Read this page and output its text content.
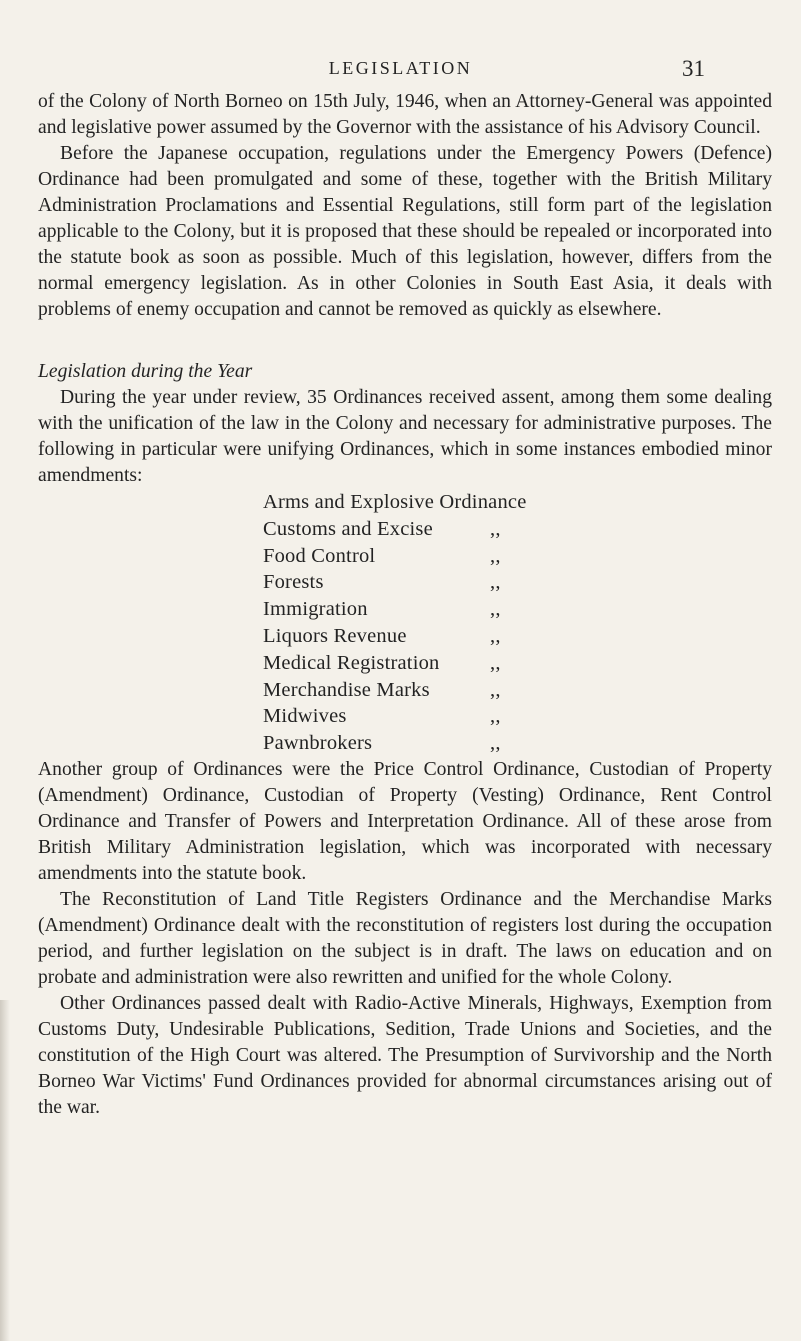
LEGISLATION	31

of the Colony of North Borneo on 15th July, 1946, when an Attorney-General was appointed and legislative power assumed by the Governor with the assistance of his Advisory Council.

Before the Japanese occupation, regulations under the Emergency Powers (Defence) Ordinance had been promulgated and some of these, together with the British Military Administration Proclamations and Essential Regulations, still form part of the legislation applicable to the Colony, but it is proposed that these should be repealed or incorporated into the statute book as soon as possible. Much of this legislation, however, differs from the normal emergency legislation. As in other Colonies in South East Asia, it deals with problems of enemy occupation and cannot be removed as quickly as elsewhere.

Legislation during the Year

During the year under review, 35 Ordinances received assent, among them some dealing with the unification of the law in the Colony and necessary for administrative purposes. The following in particular were unifying Ordinances, which in some instances embodied minor amendments:

Arms and Explosive Ordinance
Customs and Excise	,,
Food Control	,,
Forests	,,
Immigration	,,
Liquors Revenue	,,
Medical Registration ,,
Merchandise Marks	,,
Midwives	,,
Pawnbrokers	,,

Another group of Ordinances were the Price Control Ordinance, Custodian of Property (Amendment) Ordinance, Custodian of Property (Vesting) Ordinance, Rent Control Ordinance and Transfer of Powers and Interpretation Ordinance. All of these arose from British Military Administration legislation, which was incorporated with necessary amendments into the statute book.

The Reconstitution of Land Title Registers Ordinance and the Merchandise Marks (Amendment) Ordinance dealt with the reconstitution of registers lost during the occupation period, and further legislation on the subject is in draft. The laws on education and on probate and administration were also rewritten and unified for the whole Colony.

Other Ordinances passed dealt with Radio-Active Minerals, Highways, Exemption from Customs Duty, Undesirable Publications, Sedition, Trade Unions and Societies, and the constitution of the High Court was altered. The Presumption of Survivorship and the North Borneo War Victims' Fund Ordinances provided for abnormal circumstances arising out of the war.
